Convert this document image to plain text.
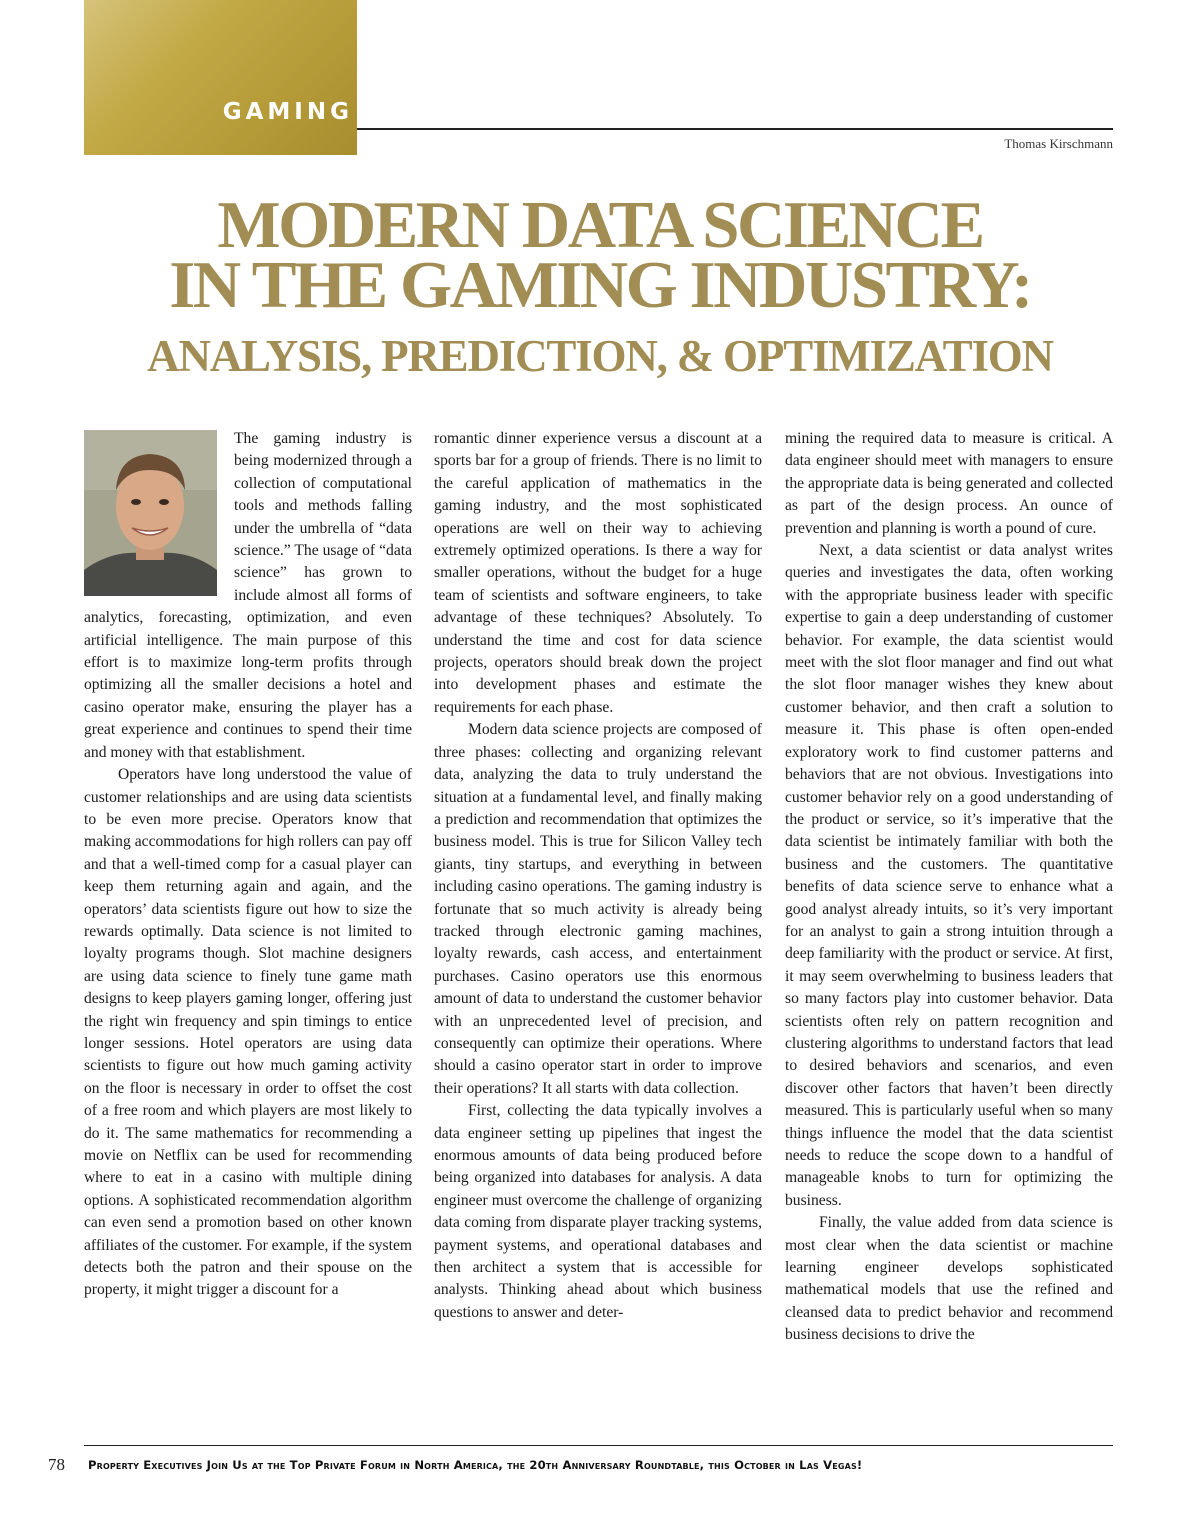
GAMING
Thomas Kirschmann
MODERN DATA SCIENCE
IN THE GAMING INDUSTRY:
ANALYSIS, PREDICTION, & OPTIMIZATION

The gaming industry is being modernized through a collection of computational tools and methods falling under the umbrella of “data science.” The usage of “data science” has grown to include almost all forms of analytics, forecasting, optimization, and even artificial intelligence. The main purpose of this effort is to maximize long-term profits through optimizing all the smaller decisions a hotel and casino operator make, ensuring the player has a great experience and continues to spend their time and money with that establishment.

Operators have long understood the value of customer relationships and are using data scientists to be even more precise. Operators know that making accommodations for high rollers can pay off and that a well-timed comp for a casual player can keep them returning again and again, and the operators’ data scientists figure out how to size the rewards optimally. Data science is not limited to loyalty programs though. Slot machine designers are using data science to finely tune game math designs to keep players gaming longer, offering just the right win frequency and spin timings to entice longer sessions. Hotel operators are using data scientists to figure out how much gaming activity on the floor is necessary in order to offset the cost of a free room and which players are most likely to do it. The same mathematics for recommending a movie on Netflix can be used for recommending where to eat in a casino with multiple dining options. A sophisticated recommendation algorithm can even send a promotion based on other known affiliates of the customer. For example, if the system detects both the patron and their spouse on the property, it might trigger a discount for a

romantic dinner experience versus a discount at a sports bar for a group of friends. There is no limit to the careful application of mathematics in the gaming industry, and the most sophisticated operations are well on their way to achieving extremely optimized operations. Is there a way for smaller operations, without the budget for a huge team of scientists and software engineers, to take advantage of these techniques? Absolutely. To understand the time and cost for data science projects, operators should break down the project into development phases and estimate the requirements for each phase.

Modern data science projects are composed of three phases: collecting and organizing relevant data, analyzing the data to truly understand the situation at a fundamental level, and finally making a prediction and recommendation that optimizes the business model. This is true for Silicon Valley tech giants, tiny startups, and everything in between including casino operations. The gaming industry is fortunate that so much activity is already being tracked through electronic gaming machines, loyalty rewards, cash access, and entertainment purchases. Casino operators use this enormous amount of data to understand the customer behavior with an unprecedented level of precision, and consequently can optimize their operations. Where should a casino operator start in order to improve their operations? It all starts with data collection.

First, collecting the data typically involves a data engineer setting up pipelines that ingest the enormous amounts of data being produced before being organized into databases for analysis. A data engineer must overcome the challenge of organizing data coming from disparate player tracking systems, payment systems, and operational databases and then architect a system that is accessible for analysts. Thinking ahead about which business questions to answer and deter-

mining the required data to measure is critical. A data engineer should meet with managers to ensure the appropriate data is being generated and collected as part of the design process. An ounce of prevention and planning is worth a pound of cure.

Next, a data scientist or data analyst writes queries and investigates the data, often working with the appropriate business leader with specific expertise to gain a deep understanding of customer behavior. For example, the data scientist would meet with the slot floor manager and find out what the slot floor manager wishes they knew about customer behavior, and then craft a solution to measure it. This phase is often open-ended exploratory work to find customer patterns and behaviors that are not obvious. Investigations into customer behavior rely on a good understanding of the product or service, so it’s imperative that the data scientist be intimately familiar with both the business and the customers. The quantitative benefits of data science serve to enhance what a good analyst already intuits, so it’s very important for an analyst to gain a strong intuition through a deep familiarity with the product or service. At first, it may seem overwhelming to business leaders that so many factors play into customer behavior. Data scientists often rely on pattern recognition and clustering algorithms to understand factors that lead to desired behaviors and scenarios, and even discover other factors that haven’t been directly measured. This is particularly useful when so many things influence the model that the data scientist needs to reduce the scope down to a handful of manageable knobs to turn for optimizing the business.

Finally, the value added from data science is most clear when the data scientist or machine learning engineer develops sophisticated mathematical models that use the refined and cleansed data to predict behavior and recommend business decisions to drive the

78 Property Executives Join Us at the Top Private Forum in North America, the 20th Anniversary Roundtable, this October in Las Vegas!
